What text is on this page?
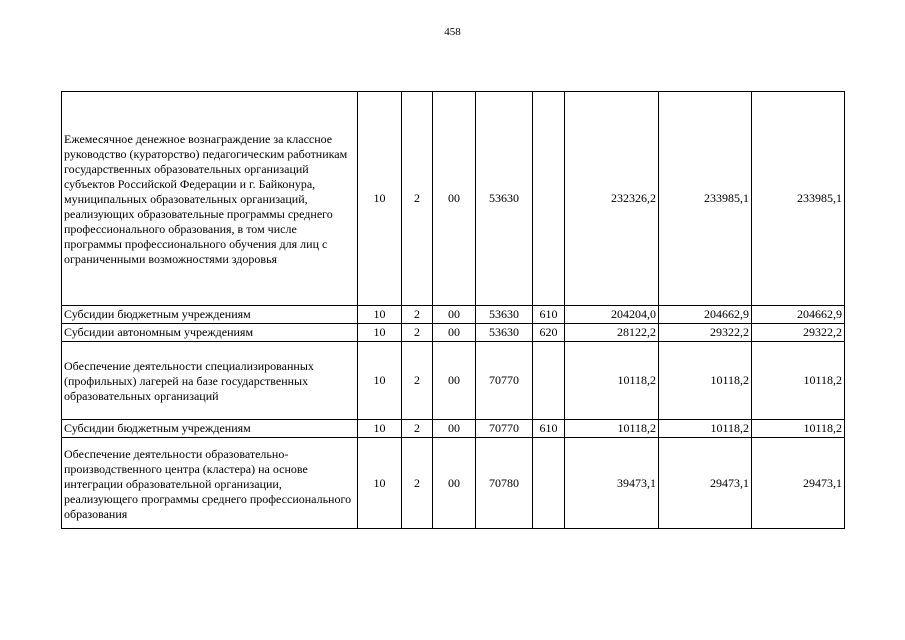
458
Ежемесячное денежное вознаграждение за классное руководство (кураторство) педагогическим работникам государственных образовательных организаций субъектов Российской Федерации и г. Байконура, муниципальных образовательных организаций, реализующих образовательные программы среднего профессионального образования, в том числе программы профессионального обучения для лиц с ограниченными возможностями здоровья	10	2	00	53630		232326,2	233985,1	233985,1
Субсидии бюджетным учреждениям	10	2	00	53630	610	204204,0	204662,9	204662,9
Субсидии автономным учреждениям	10	2	00	53630	620	28122,2	29322,2	29322,2
Обеспечение деятельности специализированных (профильных) лагерей на базе государственных образовательных организаций	10	2	00	70770		10118,2	10118,2	10118,2
Субсидии бюджетным учреждениям	10	2	00	70770	610	10118,2	10118,2	10118,2
Обеспечение деятельности образовательно-производственного центра (кластера) на основе интеграции образовательной организации, реализующего программы среднего профессионального образования	10	2	00	70780		39473,1	29473,1	29473,1
